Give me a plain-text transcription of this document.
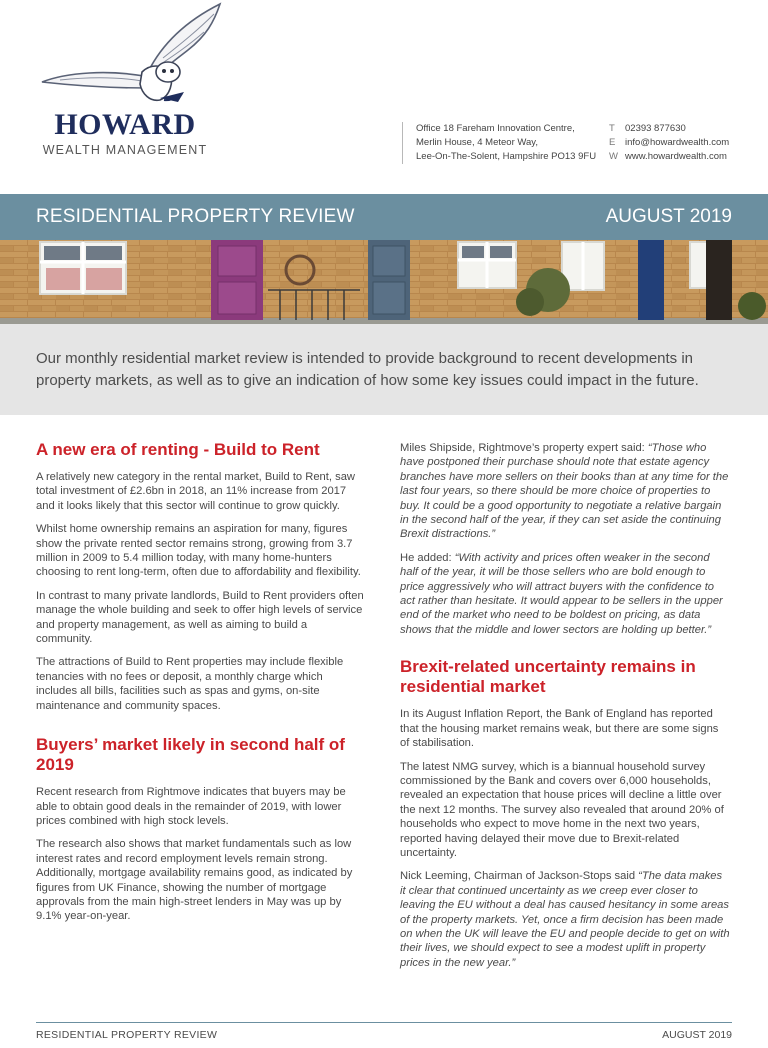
HOWARD
WEALTH MANAGEMENT
Office 18 Fareham Innovation Centre,
Merlin House, 4 Meteor Way,
Lee-On-The-Solent, Hampshire PO13 9FU
T 02393 877630
E info@howardwealth.com
W www.howardwealth.com
RESIDENTIAL PROPERTY REVIEW	AUGUST 2019
Our monthly residential market review is intended to provide background to recent developments in property markets, as well as to give an indication of how some key issues could impact in the future.
A new era of renting - Build to Rent

A relatively new category in the rental market, Build to Rent, saw total investment of £2.6bn in 2018, an 11% increase from 2017 and it looks likely that this sector will continue to grow quickly.

Whilst home ownership remains an aspiration for many, figures show the private rented sector remains strong, growing from 3.7 million in 2009 to 5.4 million today, with many home-hunters choosing to rent long-term, often due to affordability and flexibility.

In contrast to many private landlords, Build to Rent providers often manage the whole building and seek to offer high levels of service and property management, as well as aiming to build a community.

The attractions of Build to Rent properties may include flexible tenancies with no fees or deposit, a monthly charge which includes all bills, facilities such as spas and gyms, on-site maintenance and community spaces.

Buyers’ market likely in second half of 2019

Recent research from Rightmove indicates that buyers may be able to obtain good deals in the remainder of 2019, with lower prices combined with high stock levels.

The research also shows that market fundamentals such as low interest rates and record employment levels remain strong. Additionally, mortgage availability remains good, as indicated by figures from UK Finance, showing the number of mortgage approvals from the main high-street lenders in May was up by 9.1% year-on-year.

Miles Shipside, Rightmove’s property expert said: “Those who have postponed their purchase should note that estate agency branches have more sellers on their books than at any time for the last four years, so there should be more choice of properties to buy. It could be a good opportunity to negotiate a relative bargain in the second half of the year, if they can set aside the continuing Brexit distractions.”

He added: “With activity and prices often weaker in the second half of the year, it will be those sellers who are bold enough to price aggressively who will attract buyers with the confidence to act rather than hesitate. It would appear to be sellers in the upper end of the market who need to be boldest on pricing, as data shows that the middle and lower sectors are holding up better.”

Brexit-related uncertainty remains in residential market

In its August Inflation Report, the Bank of England has reported that the housing market remains weak, but there are some signs of stabilisation.

The latest NMG survey, which is a biannual household survey commissioned by the Bank and covers over 6,000 households, revealed an expectation that house prices will decline a little over the next 12 months. The survey also revealed that around 20% of households who expect to move home in the next two years, reported having delayed their move due to Brexit-related uncertainty.

Nick Leeming, Chairman of Jackson-Stops said “The data makes it clear that continued uncertainty as we creep ever closer to leaving the EU without a deal has caused hesitancy in some areas of the property markets. Yet, once a firm decision has been made on when the UK will leave the EU and people decide to get on with their lives, we should expect to see a modest uplift in property prices in the new year.”

RESIDENTIAL PROPERTY REVIEW	AUGUST 2019
